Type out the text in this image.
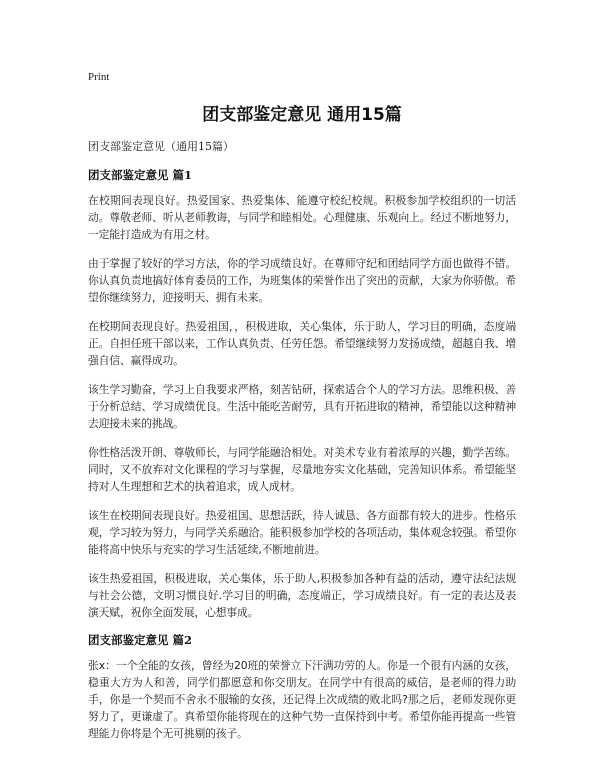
Print
团支部鉴定意见 通用15篇
团支部鉴定意见（通用15篇）
团支部鉴定意见 篇1

在校期间表现良好。热爱国家、热爱集体、能遵守校纪校规。积极参加学校组织的一切活动。尊敬老师、听从老师教诲，与同学和睦相处。心理健康、乐观向上。经过不断地努力，一定能打造成为有用之材。

由于掌握了较好的学习方法，你的学习成绩良好。在尊师守纪和团结同学方面也做得不错。你认真负责地搞好体育委员的工作，为班集体的荣誉作出了突出的贡献，大家为你骄傲。希望你继续努力，迎接明天、拥有未来。

在校期间表现良好。热爱祖国，，积极进取，关心集体，乐于助人，学习目的明确，态度端正。自担任班干部以来，工作认真负责、任劳任怨。希望继续努力发扬成绩，超越自我、增强自信、赢得成功。

该生学习勤奋，学习上自我要求严格，刻苦钻研，探索适合个人的学习方法。思维积极、善于分析总结、学习成绩优良。生活中能吃苦耐劳，具有开拓进取的精神，希望能以这种精神去迎接未来的挑战。

你性格活泼开朗、尊敬师长，与同学能融洽相处。对美术专业有着浓厚的兴趣，勤学苦练。同时，又不放弃对文化课程的学习与掌握，尽量地夯实文化基础，完善知识体系。希望能坚持对人生理想和艺术的执着追求，成人成材。

该生在校期间表现良好。热爱祖国、思想活跃，待人诚恳、各方面都有较大的进步。性格乐观，学习较为努力，与同学关系融洽。能积极参加学校的各项活动，集体观念较强。希望你能将高中快乐与充实的学习生活延续,不断地前进。

该生热爱祖国，积极进取，关心集体，乐于助人,积极参加各种有益的活动，遵守法纪法规与社会公德，文明习惯良好.学习目的明确，态度端正，学习成绩良好。有一定的表达及表演天赋，祝你全面发展，心想事成。

团支部鉴定意见 篇2

张x：一个全能的女孩，曾经为20班的荣誉立下汗满功劳的人。你是一个很有内涵的女孩，稳重大方为人和善，同学们都愿意和你交朋友。在同学中有很高的威信，是老师的得力助手，你是一个契而不舍永不服输的女孩，还记得上次成绩的败北吗?那之后，老师发现你更努力了，更谦虚了。真希望你能将现在的这种气势一直保持到中考。希望你能再提高一些管理能力你将是个无可挑剔的孩子。
